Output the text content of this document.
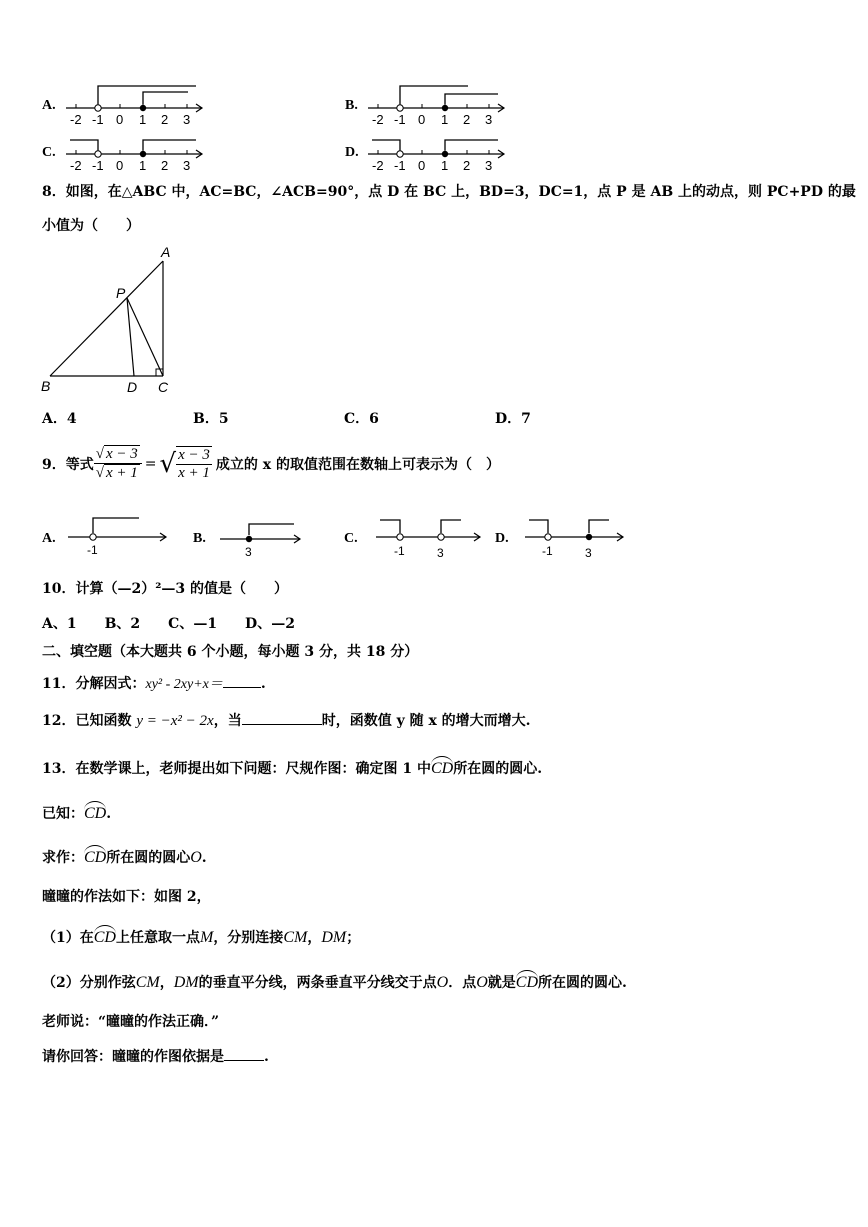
A.
-2 -1 0 1 2 3
B.
-2 -1 0 1 2 3
C.
-2 -1 0 1 2 3
D.
-2 -1 0 1 2 3
8．如图，在△ABC 中，AC=BC，∠ACB=90°，点 D 在 BC 上，BD=3，DC=1，点 P 是 AB 上的动点，则 PC+PD 的最
小值为（　　）
A
P
B	D C
A．4	B．5	C．6	D．7
9．等式 $\frac{√ x - 3}{√ x + 1}$ = √ $\frac{x - 3}{x + 1}$ 成立的 x 的取值范围在数轴上可表示为（　）
A.
-1
B.
3
C.
-1	3
D.
-1	3
10．计算（—2）²—3 的值是（　　）
A、1　　B、2　　C、—1　　D、—2
二、填空题（本大题共 6 个小题，每小题 3 分，共 18 分）
11．分解因式：xy² - 2xy+x＝	.
12．已知函数 y = −x² − 2x，当	时，函数值 y 随 x 的增大而增大.
13．在数学课上，老师提出如下问题：尺规作图：确定图 1 中CD所在圆的圆心.
已知：CD.
求作：CD所在圆的圆心O.
曈曈的作法如下：如图 2，
（1）在CD上任意取一点M，分别连接CM，DM；
（2）分别作弦CM，DM的垂直平分线，两条垂直平分线交于点O．点O就是CD所在圆的圆心.
老师说：“曈曈的作法正确．”
请你回答：曈曈的作图依据是	.
